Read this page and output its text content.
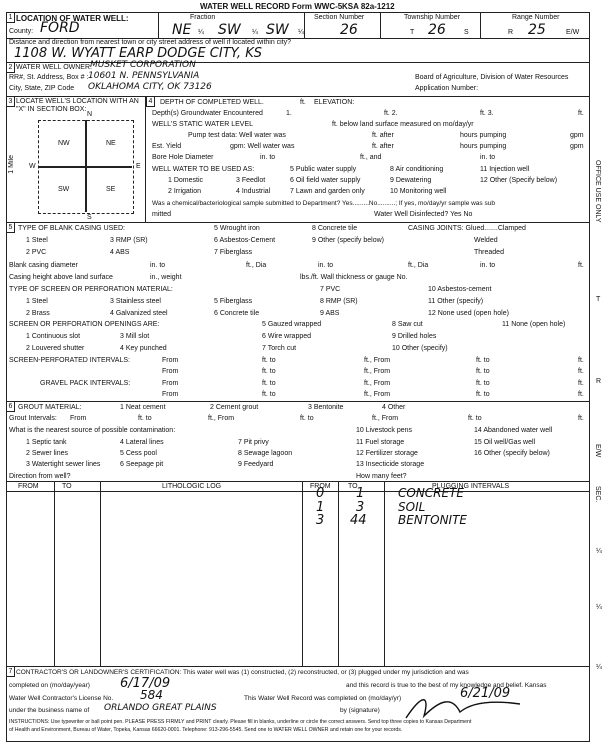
WATER WELL RECORD Form WWC-5 KSA 82a-1212
1 LOCATION OF WATER WELL:
County: FORD
Fraction
NE ¼ SW ¼ SW ¼
Section Number
26
Township Number
T 26	S
Range Number
R 25	E/W
Distance and direction from nearest town or city street address of well if located within city?
1108 W. WYATT EARP DODGE CITY, KS
2 WATER WELL OWNER:
MUSKET CORPORATION
RR#, St. Address, Box # : 10601 N. PENNSYLVANIA	Board of Agriculture, Division of Water Resources
City, State, ZIP Code OKLAHOMA CITY, OK 73126	Application Number:
3 LOCATE WELL'S LOCATION WITH AN "X" IN SECTION BOX:
N
S
W	E
1 Mile
NW	NE
SW	SE
4	DEPTH OF COMPLETED WELL.	ft. ELEVATION:
Depth(s) Groundwater Encountered	1.	ft. 2.	ft. 3.	ft.
WELL'S STATIC WATER LEVEL	ft. below land surface measured on mo/day/yr
Pump test data: Well water was	ft. after	hours pumping	gpm
Est. Yield	gpm: Well water was	ft. after	hours pumping	gpm
Bore Hole Diameter	in. to	ft., and	in. to
WELL WATER TO BE USED AS:
1 Domestic
2 Irrigation
3 Feedlot
4 Industrial
5 Public water supply
6 Oil field water supply
7 Lawn and garden only
8 Air conditioning
9 Dewatering
10 Monitoring well
11 Injection well
12 Other (Specify below)
Was a chemical/bacteriological sample submitted to Department? Yes.........No..........; If yes, mo/day/yr sample was sub
mitted	Water Well Disinfected? Yes No
5 TYPE OF BLANK CASING USED:
1 Steel
2 PVC
3 RMP (SR)
4 ABS
5 Wrought iron
6 Asbestos-Cement
7 Fiberglass
8 Concrete tile
9 Other (specify below)
CASING JOINTS: Glued.......Clamped
Welded
Threaded
Blank casing diameter	in. to	ft., Dia	in. to	ft., Dia	in. to	ft.
Casing height above land surface	in., weight	lbs./ft. Wall thickness or gauge No.
TYPE OF SCREEN OR PERFORATION MATERIAL:
1 Steel
2 Brass
3 Stainless steel
4 Galvanized steel
5 Fiberglass
6 Concrete tile
7 PVC
8 RMP (SR)
9 ABS
10 Asbestos-cement
11 Other (specify)
12 None used (open hole)
SCREEN OR PERFORATION OPENINGS ARE:
1 Continuous slot
2 Louvered shutter
3 Mill slot
4 Key punched
5 Gauzed wrapped
6 Wire wrapped
7 Torch cut
8 Saw cut
9 Drilled holes
10 Other (specify)
11 None (open hole)
SCREEN-PERFORATED INTERVALS:	From	ft. to	ft., From	ft. to	ft.
From	ft. to	ft., From	ft. to	ft.
GRAVEL PACK INTERVALS:	From	ft. to	ft., From	ft. to	ft.
From	ft. to	ft., From	ft. to	ft.
6 GROUT MATERIAL:	1 Neat cement	2 Cement grout	3 Bentonite	4 Other
Grout Intervals: From	ft. to	ft., From	ft. to	ft., From	ft. to	ft.
What is the nearest source of possible contamination:
1 Septic tank
2 Sewer lines
3 Watertight sewer lines
4 Lateral lines
5 Cess pool
6 Seepage pit
7 Pit privy
8 Sewage lagoon
9 Feedyard
10 Livestock pens
11 Fuel storage
12 Fertilizer storage
13 Insecticide storage
14 Abandoned water well
15 Oil well/Gas well
16 Other (specify below)
Direction from well?	How many feet?
FROM	TO	LITHOLOGIC LOG	FROM TO	PLUGGING INTERVALS
0 1	CONCRETE
1 3	SOIL
3 44	BENTONITE
7 CONTRACTOR'S OR LANDOWNER'S CERTIFICATION: This water well was (1) constructed, (2) reconstructed, or (3) plugged under my jurisdiction and was
completed on (mo/day/year) 6/17/09	and this record is true to the best of my knowledge and belief. Kansas
Water Well Contractor's License No. 584	This Water Well Record was completed on (mo/day/yr)	6/21/09
under the business name of ORLANDO GREAT PLAINS	by (signature)
INSTRUCTIONS: Use typewriter or ball point pen. PLEASE PRESS FIRMLY and PRINT clearly. Please fill in blanks, underline or circle the correct answers. Send top three copies to Kansas Department
of Health and Environment, Bureau of Water, Topeka, Kansas 66620-0001. Telephone: 913-296-5545. Send one to WATER WELL OWNER and retain one for your records.
OFFICE USE ONLY
T
R
E/W
SEC.
¼
¼
¼
